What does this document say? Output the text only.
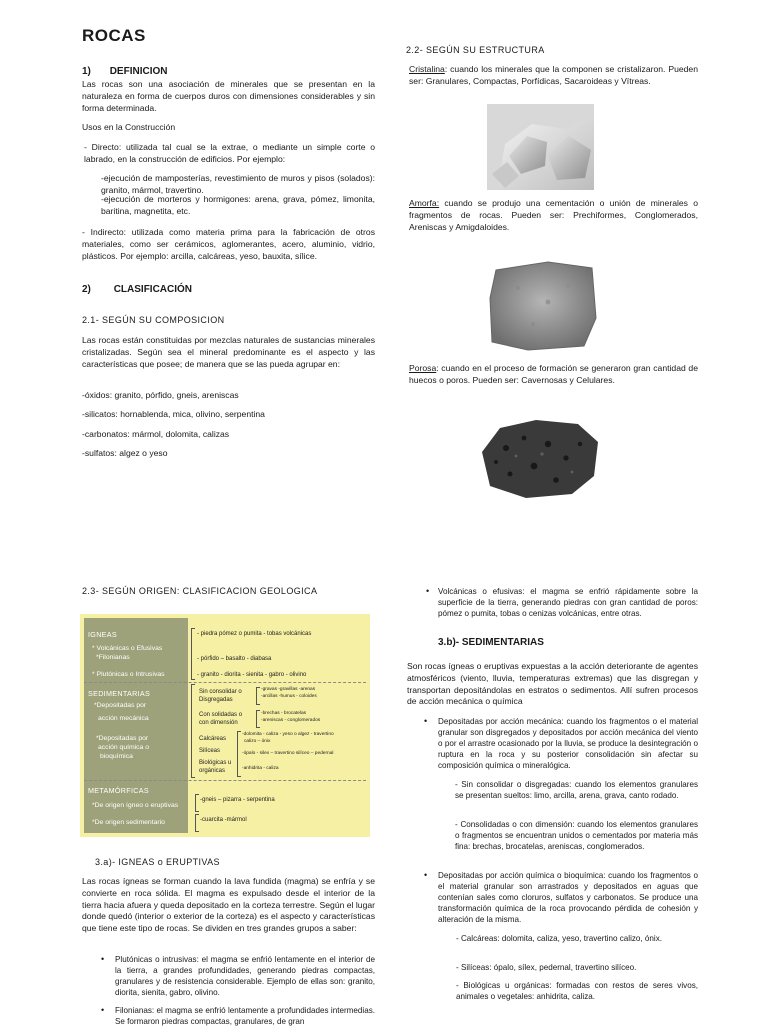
ROCAS
1) DEFINICION

Las rocas son una asociación de minerales que se presentan en la naturaleza en forma de cuerpos duros con dimensiones considerables y sin forma determinada.

Usos en la Construcción

- Directo: utilizada tal cual se la extrae, o mediante un simple corte o labrado, en la construcción de edificios. Por ejemplo:

-ejecución de mamposterías, revestimiento de muros y pisos (solados): granito, mármol, travertino.

-ejecución de morteros y hormigones: arena, grava, pómez, limonita, baritina, magnetita, etc.

- Indirecto: utilizada como materia prima para la fabricación de otros materiales, como ser cerámicos, aglomerantes, acero, aluminio, vidrio, plásticos. Por ejemplo: arcilla, calcáreas, yeso, bauxita, sílice.

2) CLASIFICACIÓN
2.1- SEGÚN SU COMPOSICION

Las rocas están constituidas por mezclas naturales de sustancias minerales cristalizadas. Según sea el mineral predominante es el aspecto y las características que posee; de manera que se las pueda agrupar en:

-óxidos: granito, pórfido, gneis, areniscas

-silicatos: hornablenda, mica, olivino, serpentina

-carbonatos: mármol, dolomita, calizas

-sulfatos: algez o yeso

2.2- SEGÚN SU ESTRUCTURA

Cristalina: cuando los minerales que la componen se cristalizaron. Pueden ser: Granulares, Compactas, Porfídicas, Sacaroideas y Vítreas.

Amorfa: cuando se produjo una cementación o unión de minerales o fragmentos de rocas. Pueden ser: Prechiformes, Conglomerados, Areniscas y Amigdaloides.

Porosa: cuando en el proceso de formación se generaron gran cantidad de huecos o poros. Pueden ser: Cavernosas y Celulares.

2.3- SEGÚN ORIGEN: CLASIFICACION GEOLOGICA
IGNEAS
* Volcánicas o Efusivas
*Filonianas
* Plutónicas o Intrusivas
- piedra pómez o pumita - tobas volcánicas
- pórfido – basalto - diabasa
- granito - diorita - sienita - gabro - olivino
SEDIMENTARIAS
*Depositadas por
acción mecánica
*Depositadas por
acción química o
bioquímica
Sin consolidar o
Disgregadas
-gravas -gravillas -arenas
-arcillas -humus - coloides
Con solidadas o
con dimensión
-brechas - brocatelas
-areniscas - conglomerados
Calcáreas
-dolomita - caliza - yeso o algez - travertino
calizo – ónix
Silíceas	-ópalo - silex – travertino silíceo – pedernal
Biológicas u
orgánicas	-anhidrita - caliza
METAMÓRFICAS
*De origen ígneo o eruptivas
*De origen sedimentario
-gneis – pizarra - serpentina
-cuarcita -mármol
3.a)- IGNEAS o ERUPTIVAS

Las rocas ígneas se forman cuando la lava fundida (magma) se enfría y se convierte en roca sólida. El magma es expulsado desde el interior de la tierra hacia afuera y queda depositado en la corteza terrestre. Según el lugar donde quedó (interior o exterior de la corteza) es el aspecto y características que tiene este tipo de rocas. Se dividen en tres grandes grupos a saber:

• Plutónicas o intrusivas: el magma se enfrió lentamente en el interior de la tierra, a grandes profundidades, generando piedras compactas, granulares y de resistencia considerable. Ejemplo de ellas son: granito, diorita, sienita, gabro, olivino.

• Filonianas: el magma se enfrió lentamente a profundidades intermedias. Se formaron piedras compactas, granulares, de gran

• Volcánicas o efusivas: el magma se enfrió rápidamente sobre la superficie de la tierra, generando piedras con gran cantidad de poros: pómez o pumita, tobas o cenizas volcánicas, entre otras.

3.b)- SEDIMENTARIAS

Son rocas ígneas o eruptivas expuestas a la acción deteriorante de agentes atmosféricos (viento, lluvia, temperaturas extremas) que las disgregan y transportan depositándolas en estratos o sedimentos. Allí sufren procesos de acción mecánica o química

• Depositadas por acción mecánica: cuando los fragmentos o el material granular son disgregados y depositados por acción mecánica del viento o por el arrastre ocasionado por la lluvia, se produce la desintegración o ruptura en la roca y su posterior consolidación sin afectar su composición química o mineralógica.

- Sin consolidar o disgregadas: cuando los elementos granulares se presentan sueltos: limo, arcilla, arena, grava, canto rodado.

- Consolidadas o con dimensión: cuando los elementos granulares o fragmentos se encuentran unidos o cementados por materia más fina: brechas, brocatelas, areniscas, conglomerados.

• Depositadas por acción química o bioquímica: cuando los fragmentos o el material granular son arrastrados y depositados en aguas que contenían sales como cloruros, sulfatos y carbonatos. Se produce una transformación química de la roca provocando pérdida de cohesión y alteración de la misma.

- Calcáreas: dolomita, caliza, yeso, travertino calizo, ónix.

- Silíceas: ópalo, sílex, pedernal, travertino silíceo.

- Biológicas u orgánicas: formadas con restos de seres vivos, animales o vegetales: anhidrita, caliza.
